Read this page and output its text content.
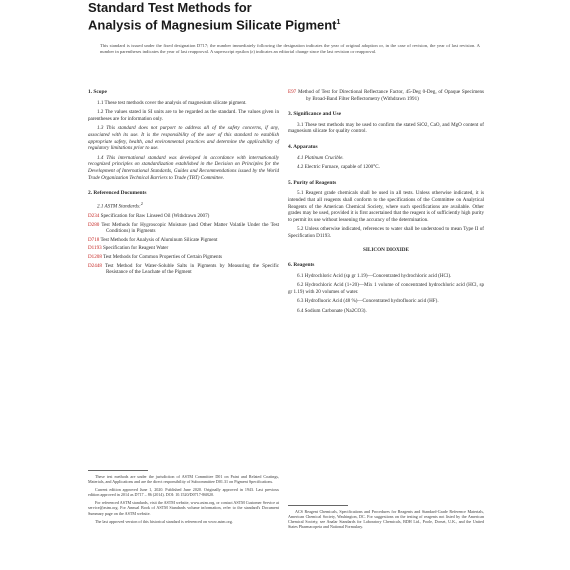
Standard Test Methods for
Analysis of Magnesium Silicate Pigment$^1$
This standard is issued under the fixed designation D717; the number immediately following the designation indicates the year of original adoption or, in the case of revision, the year of last revision. A number in parentheses indicates the year of last reapproval. A superscript epsilon (ε) indicates an editorial change since the last revision or reapproval.
1. Scope

1.1 These test methods cover the analysis of magnesium silicate pigment.

1.2 The values stated in SI units are to be regarded as the standard. The values given in parentheses are for information only.

1.3 This standard does not purport to address all of the safety concerns, if any, associated with its use. It is the responsibility of the user of this standard to establish appropriate safety, health, and environmental practices and determine the applicability of regulatory limitations prior to use.

1.4 This international standard was developed in accordance with internationally recognized principles on standardization established in the Decision on Principles for the Development of International Standards, Guides and Recommendations issued by the World Trade Organization Technical Barriers to Trade (TBT) Committee.

2. Referenced Documents

2.1 ASTM Standards:$^2$

D234 Specification for Raw Linseed Oil (Withdrawn 2007)

D280 Test Methods for Hygroscopic Moisture (and Other Matter Volatile Under the Test Conditions) in Pigments

D718 Test Methods for Analysis of Aluminum Silicate Pigment

D1193 Specification for Reagent Water

D1208 Test Methods for Common Properties of Certain Pigments

D2448 Test Method for Water-Soluble Salts in Pigments by Measuring the Specific Resistance of the Leachate of the Pigment

E97 Method of Test for Directional Reflectance Factor, 45-Deg 0-Deg, of Opaque Specimens by Broad-Band Filter Reflectometry (Withdrawn 1991)

3. Significance and Use

3.1 These test methods may be used to confirm the stated SiO2, CaO, and MgO content of magnesium silicate for quality control.

4. Apparatus

4.1 Platinum Crucible.

4.2 Electric Furnace, capable of 1200°C.

5. Purity of Reagents

5.1 Reagent grade chemicals shall be used in all tests. Unless otherwise indicated, it is intended that all reagents shall conform to the specifications of the Committee on Analytical Reagents of the American Chemical Society, where such specifications are available. Other grades may be used, provided it is first ascertained that the reagent is of sufficiently high purity to permit its use without lessening the accuracy of the determination.

5.2 Unless otherwise indicated, references to water shall be understood to mean Type II of Specification D1193.

SILICON DIOXIDE
6. Reagents

6.1 Hydrochloric Acid (sp gr 1.19)—Concentrated hydrochloric acid (HCl).

6.2 Hydrochloric Acid (1+20)—Mix 1 volume of concentrated hydrochloric acid (HCl, sp gr 1.19) with 20 volumes of water.

6.3 Hydrofluoric Acid (48 %)—Concentrated hydrofluoric acid (HF).

6.4 Sodium Carbonate (Na2CO3).

These test methods are under the jurisdiction of ASTM Committee D01 on Paint and Related Coatings, Materials, and Applications and are the direct responsibility of Subcommittee D01.31 on Pigment Specifications.

Current edition approved June 1, 2020. Published June 2020. Originally approved in 1943. Last previous edition approved in 2014 as D717 – 86 (2014). DOI: 10.1520/D0717-86R20.

For referenced ASTM standards, visit the ASTM website, www.astm.org, or contact ASTM Customer Service at service@astm.org. For Annual Book of ASTM Standards volume information, refer to the standard's Document Summary page on the ASTM website.

The last approved version of this historical standard is referenced on www.astm.org.

ACS Reagent Chemicals, Specifications and Procedures for Reagents and Standard-Grade Reference Materials, American Chemical Society, Washington, DC. For suggestions on the testing of reagents not listed by the American Chemical Society, see Analar Standards for Laboratory Chemicals, BDH Ltd., Poole, Dorset, U.K., and the United States Pharmacopeia and National Formulary.
